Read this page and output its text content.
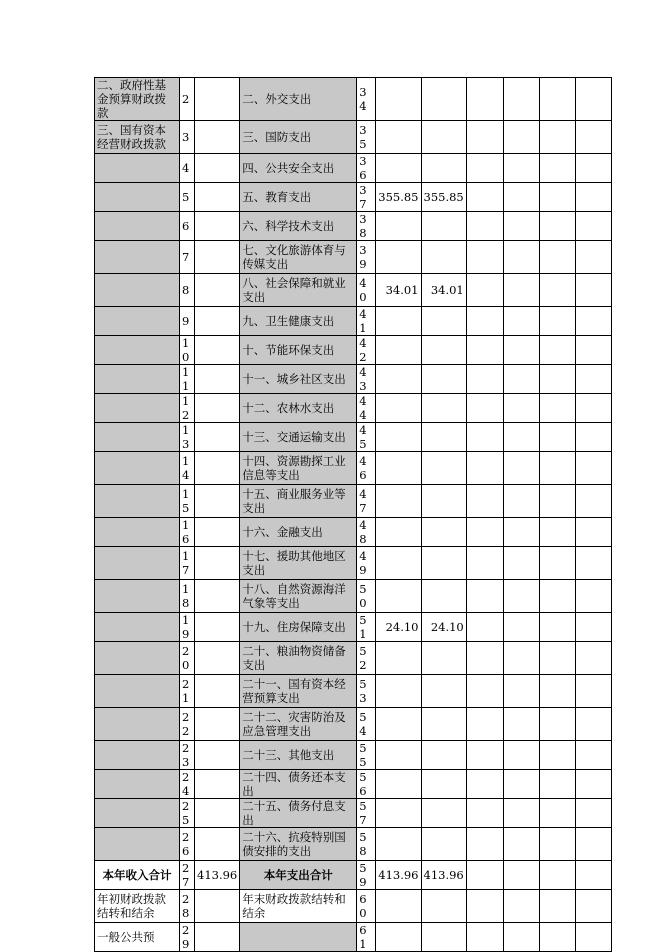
二、政府性基金预算财政拨款	2		二、外交支出	34						
三、国有资本经营财政拨款	3		三、国防支出	35						
	4		四、公共安全支出	36						
	5		五、教育支出	37	355.85	355.85				
	6		六、科学技术支出	38						
	7		七、文化旅游体育与传媒支出	39						
	8		八、社会保障和就业支出	40	34.01	34.01				
	9		九、卫生健康支出	41						
	10		十、节能环保支出	42						
	11		十一、城乡社区支出	43						
	12		十二、农林水支出	44						
	13		十三、交通运输支出	45						
	14		十四、资源勘探工业信息等支出	46						
	15		十五、商业服务业等支出	47						
	16		十六、金融支出	48						
	17		十七、援助其他地区支出	49						
	18		十八、自然资源海洋气象等支出	50						
	19		十九、住房保障支出	51	24.10	24.10				
	20		二十、粮油物资储备支出	52						
	21		二十一、国有资本经营预算支出	53						
	22		二十二、灾害防治及应急管理支出	54						
	23		二十三、其他支出	55						
	24		二十四、债务还本支出	56						
	25		二十五、债务付息支出	57						
	26		二十六、抗疫特别国债安排的支出	58						
本年收入合计	27	413.96	本年支出合计	59	413.96	413.96				
年初财政拨款结转和结余	28		年末财政拨款结转和结余	60						
一般公共预	29			61						
